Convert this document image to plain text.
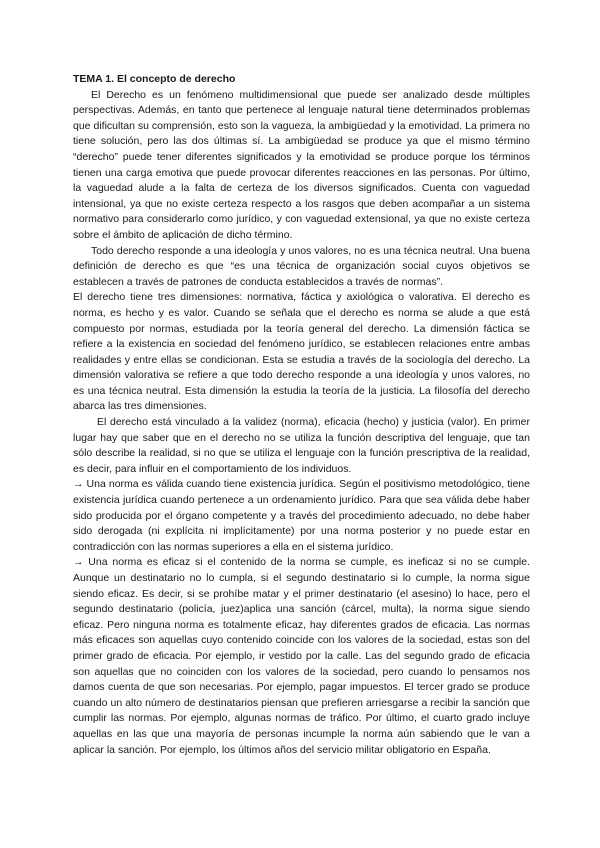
TEMA 1. El concepto de derecho

El Derecho es un fenómeno multidimensional que puede ser analizado desde múltiples perspectivas. Además, en tanto que pertenece al lenguaje natural tiene determinados problemas que dificultan su comprensión, esto son la vagueza, la ambigüedad y la emotividad. La primera no tiene solución, pero las dos últimas sí. La ambigüedad se produce ya que el mismo término “derecho” puede tener diferentes significados y la emotividad se produce porque los términos tienen una carga emotiva que puede provocar diferentes reacciones en las personas. Por último, la vaguedad alude a la falta de certeza de los diversos significados. Cuenta con vaguedad intensional, ya que no existe certeza respecto a los rasgos que deben acompañar a un sistema normativo para considerarlo como jurídico, y con vaguedad extensional, ya que no existe certeza sobre el ámbito de aplicación de dicho término.

Todo derecho responde a una ideología y unos valores, no es una técnica neutral. Una buena definición de derecho es que “es una técnica de organización social cuyos objetivos se establecen a través de patrones de conducta establecidos a través de normas”.

El derecho tiene tres dimensiones: normativa, fáctica y axiológica o valorativa. El derecho es norma, es hecho y es valor. Cuando se señala que el derecho es norma se alude a que está compuesto por normas, estudiada por la teoría general del derecho. La dimensión fáctica se refiere a la existencia en sociedad del fenómeno jurídico, se establecen relaciones entre ambas realidades y entre ellas se condicionan. Esta se estudia a través de la sociología del derecho. La dimensión valorativa se refiere a que todo derecho responde a una ideología y unos valores, no es una técnica neutral. Esta dimensión la estudia la teoría de la justicia. La filosofía del derecho abarca las tres dimensiones.

El derecho está vinculado a la validez (norma), eficacia (hecho) y justicia (valor). En primer lugar hay que saber que en el derecho no se utiliza la función descriptiva del lenguaje, que tan sólo describe la realidad, si no que se utiliza el lenguaje con la función prescriptiva de la realidad, es decir, para influir en el comportamiento de los individuos.

→ Una norma es válida cuando tiene existencia jurídica. Según el positivismo metodológico, tiene existencia jurídica cuando pertenece a un ordenamiento jurídico. Para que sea válida debe haber sido producida por el órgano competente y a través del procedimiento adecuado, no debe haber sido derogada (ni explícita ni implícitamente) por una norma posterior y no puede estar en contradicción con las normas superiores a ella en el sistema jurídico.

→ Una norma es eficaz si el contenido de la norma se cumple, es ineficaz si no se cumple. Aunque un destinatario no lo cumpla, si el segundo destinatario si lo cumple, la norma sigue siendo eficaz. Es decir, si se prohíbe matar y el primer destinatario (el asesino) lo hace, pero el segundo destinatario (policía, juez)aplica una sanción (cárcel, multa), la norma sigue siendo eficaz. Pero ninguna norma es totalmente eficaz, hay diferentes grados de eficacia. Las normas más eficaces son aquellas cuyo contenido coincide con los valores de la sociedad, estas son del primer grado de eficacia. Por ejemplo, ir vestido por la calle. Las del segundo grado de eficacia son aquellas que no coinciden con los valores de la sociedad, pero cuando lo pensamos nos damos cuenta de que son necesarias. Por ejemplo, pagar impuestos. El tercer grado se produce cuando un alto número de destinatarios piensan que prefieren arriesgarse a recibir la sanción que cumplir las normas. Por ejemplo, algunas normas de tráfico. Por último, el cuarto grado incluye aquellas en las que una mayoría de personas incumple la norma aún sabiendo que le van a aplicar la sanción. Por ejemplo, los últimos años del servicio militar obligatorio en España.
